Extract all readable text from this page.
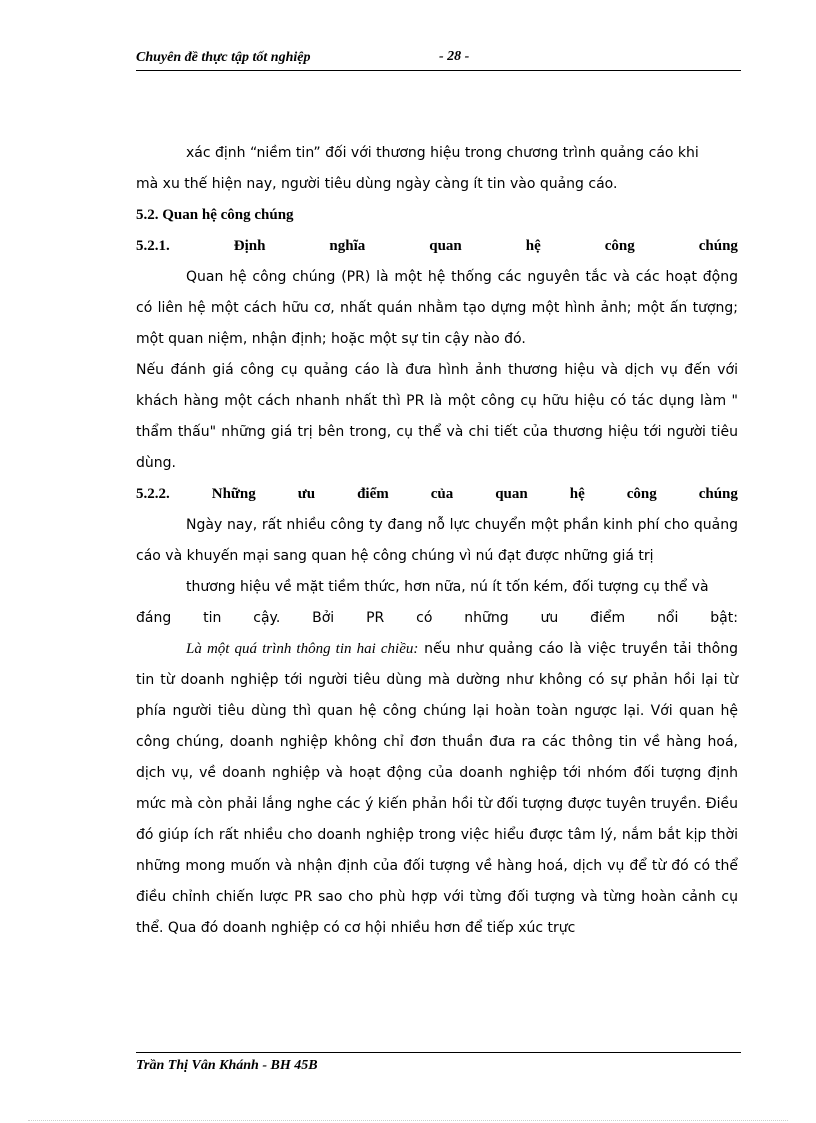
Chuyên đề thực tập tốt nghiệp	- 28 -

xác định “niềm tin” đối với thương hiệu trong chương trình quảng cáo khi

mà xu thế hiện nay, người tiêu dùng ngày càng ít tin vào quảng cáo.

5.2. Quan hệ công chúng

5.2.1.	Định	nghĩa	quan	hệ	công	chúng

Quan hệ công chúng (PR) là một hệ thống các nguyên tắc và các hoạt động có liên hệ một cách hữu cơ, nhất quán nhằm tạo dựng một hình ảnh; một ấn tượng; một quan niệm, nhận định; hoặc một sự tin cậy nào đó.

Nếu đánh giá công cụ quảng cáo là đưa hình ảnh thương hiệu và dịch vụ đến với khách hàng một cách nhanh nhất thì PR là một công cụ hữu hiệu có tác dụng làm " thẩm thấu" những giá trị bên trong, cụ thể và chi tiết của thương hiệu tới người tiêu dùng.

5.2.2.	Những	ưu	điểm	của	quan	hệ	công	chúng

Ngày nay, rất nhiều công ty đang nỗ lực chuyển một phần kinh phí cho quảng cáo và khuyến mại sang quan hệ công chúng vì nú đạt được những giá trị

thương hiệu về mặt tiềm thức, hơn nữa, nú ít tốn kém, đối tượng cụ thể và

đáng tin cậy. Bởi PR có những ưu điểm nổi bật:

Là một quá trình thông tin hai chiều: nếu như quảng cáo là việc truyền tải thông tin từ doanh nghiệp tới người tiêu dùng mà dường như không có sự phản hồi lại từ phía người tiêu dùng thì quan hệ công chúng lại hoàn toàn ngược lại. Với quan hệ công chúng, doanh nghiệp không chỉ đơn thuần đưa ra các thông tin về hàng hoá, dịch vụ, về doanh nghiệp và hoạt động của doanh nghiệp tới nhóm đối tượng định mức mà còn phải lắng nghe các ý kiến phản hồi từ đối tượng được tuyên truyền. Điều đó giúp ích rất nhiều cho doanh nghiệp trong việc hiểu được tâm lý, nắm bắt kịp thời những mong muốn và nhận định của đối tượng về hàng hoá, dịch vụ để từ đó có thể điều chỉnh chiến lược PR sao cho phù hợp với từng đối tượng và từng hoàn cảnh cụ thể. Qua đó doanh nghiệp có cơ hội nhiều hơn để tiếp xúc trực

Trần Thị Vân Khánh - BH 45B
